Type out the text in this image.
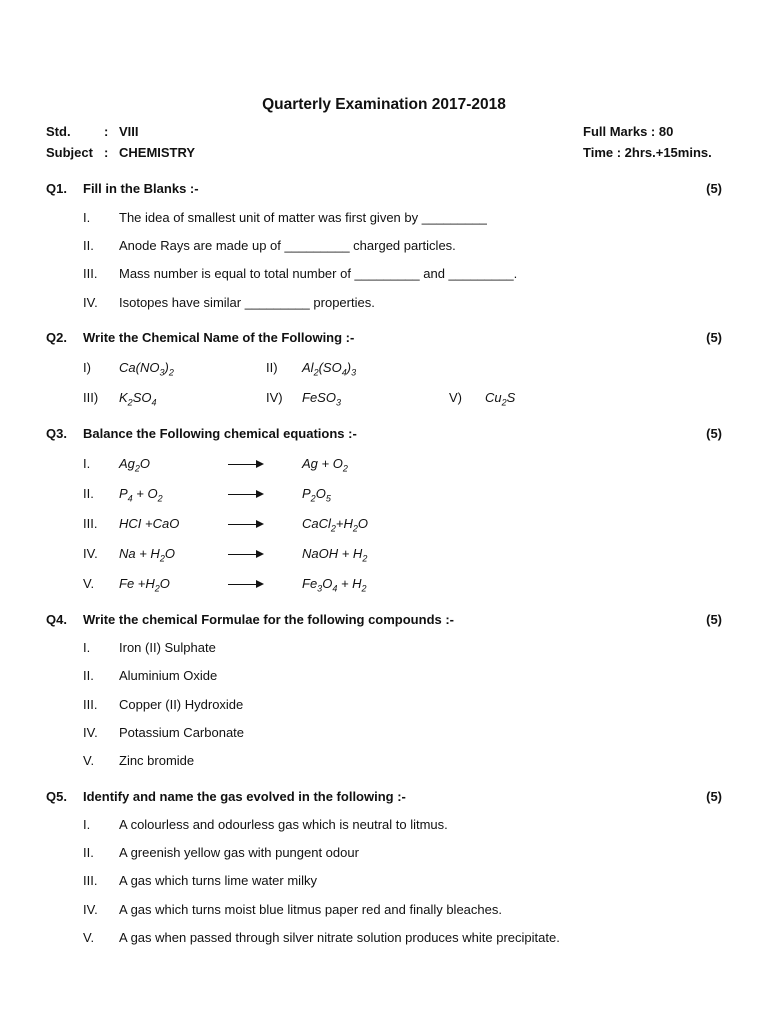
Quarterly Examination 2017-2018
Std.	: VIII
Subject : CHEMISTRY
Full Marks : 80
Time : 2hrs.+15mins.
Q1. Fill in the Blanks :-	(5)
I. The idea of smallest unit of matter was first given by _________
II. Anode Rays are made up of _________ charged particles.
III. Mass number is equal to total number of _________ and _________.
IV. Isotopes have similar _________ properties.
Q2. Write the Chemical Name of the Following :-	(5)
I) $Ca(NO_3)_2$	II) $Al_2(SO_4)_3$
III) $K_2SO_4$	IV) FeSO$_3$	V) $Cu_2S$
Q3. Balance the Following chemical equations :-	(5)
I. $Ag_2O$	$Ag + O_2$
II. $P_4 + O_2$	$P_2O_5$
III. HCI +CaO	$CaCl_2+H_2O$
IV. $Na + H_2O$	NaOH + $H_2$
V. $Fe +H_2O$	$Fe_3O_4 + H_2$
Q4. Write the chemical Formulae for the following compounds :-	(5)
I. Iron (II) Sulphate
II. Aluminium Oxide
III. Copper (II) Hydroxide
IV. Potassium Carbonate
V. Zinc bromide
Q5. Identify and name the gas evolved in the following :-	(5)
I. A colourless and odourless gas which is neutral to litmus.
II. A greenish yellow gas with pungent odour
III. A gas which turns lime water milky
IV. A gas which turns moist blue litmus paper red and finally bleaches.
V. A gas when passed through silver nitrate solution produces white precipitate.
